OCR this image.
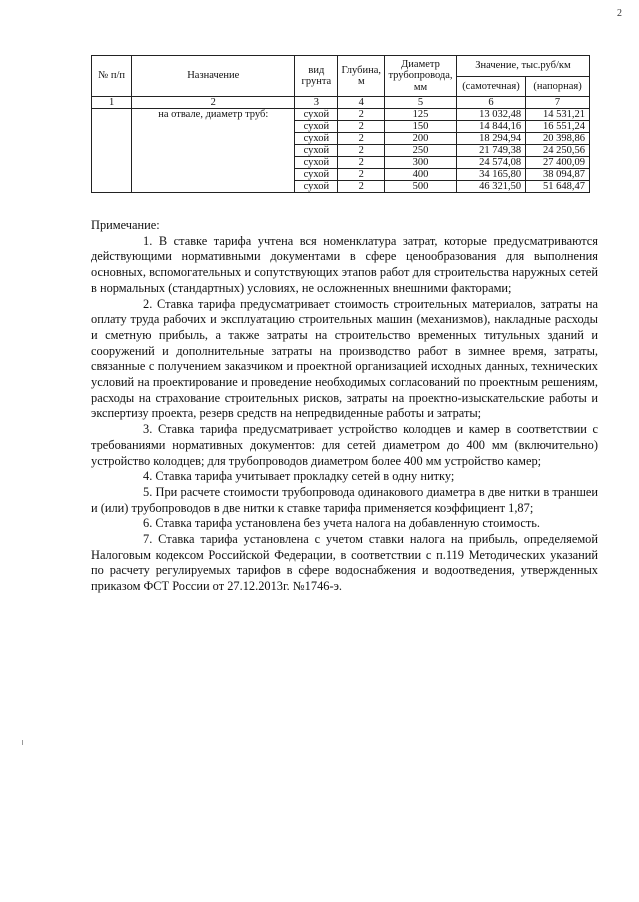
2
№ п/п	Назначение	вид грунта	Глубина, м	Диаметр трубопровода, мм	Значение, тыс.руб/км	
					(самотечная)	(напорная)
1	2	3	4	5	6	7
	на отвале, диаметр труб:	сухой	2	125	13 032,48	14 531,21
		сухой	2	150	14 844,16	16 551,24
		сухой	2	200	18 294,94	20 398,86
		сухой	2	250	21 749,38	24 250,56
		сухой	2	300	24 574,08	27 400,09
		сухой	2	400	34 165,80	38 094,87
		сухой	2	500	46 321,50	51 648,47

Примечание:

1. В ставке тарифа учтена вся номенклатура затрат, которые предусматриваются действующими нормативными документами в сфере ценообразования для выполнения основных, вспомогательных и сопутствующих этапов работ для строительства наружных сетей в нормальных (стандартных) условиях, не осложненных внешними факторами;

2. Ставка тарифа предусматривает стоимость строительных материалов, затраты на оплату труда рабочих и эксплуатацию строительных машин (механизмов), накладные расходы и сметную прибыль, а также затраты на строительство временных титульных зданий и сооружений и дополнительные затраты на производство работ в зимнее время, затраты, связанные с получением заказчиком и проектной организацией исходных данных, технических условий на проектирование и проведение необходимых согласований по проектным решениям, расходы на страхование строительных рисков, затраты на проектно-изыскательские работы и экспертизу проекта, резерв средств на непредвиденные работы и затраты;

3. Ставка тарифа предусматривает устройство колодцев и камер в соответствии с требованиями нормативных документов: для сетей диаметром до 400 мм (включительно) устройство колодцев; для трубопроводов диаметром более 400 мм устройство камер;

4. Ставка тарифа учитывает прокладку сетей в одну нитку;

5. При расчете стоимости трубопровода одинакового диаметра в две нитки в траншеи и (или) трубопроводов в две нитки к ставке тарифа применяется коэффициент 1,87;

6. Ставка тарифа установлена без учета налога на добавленную стоимость.

7. Ставка тарифа установлена с учетом ставки налога на прибыль, определяемой Налоговым кодексом Российской Федерации, в соответствии с п.119 Методических указаний по расчету регулируемых тарифов в сфере водоснабжения и водоотведения, утвержденных приказом ФСТ России от 27.12.2013г. №1746-э.
